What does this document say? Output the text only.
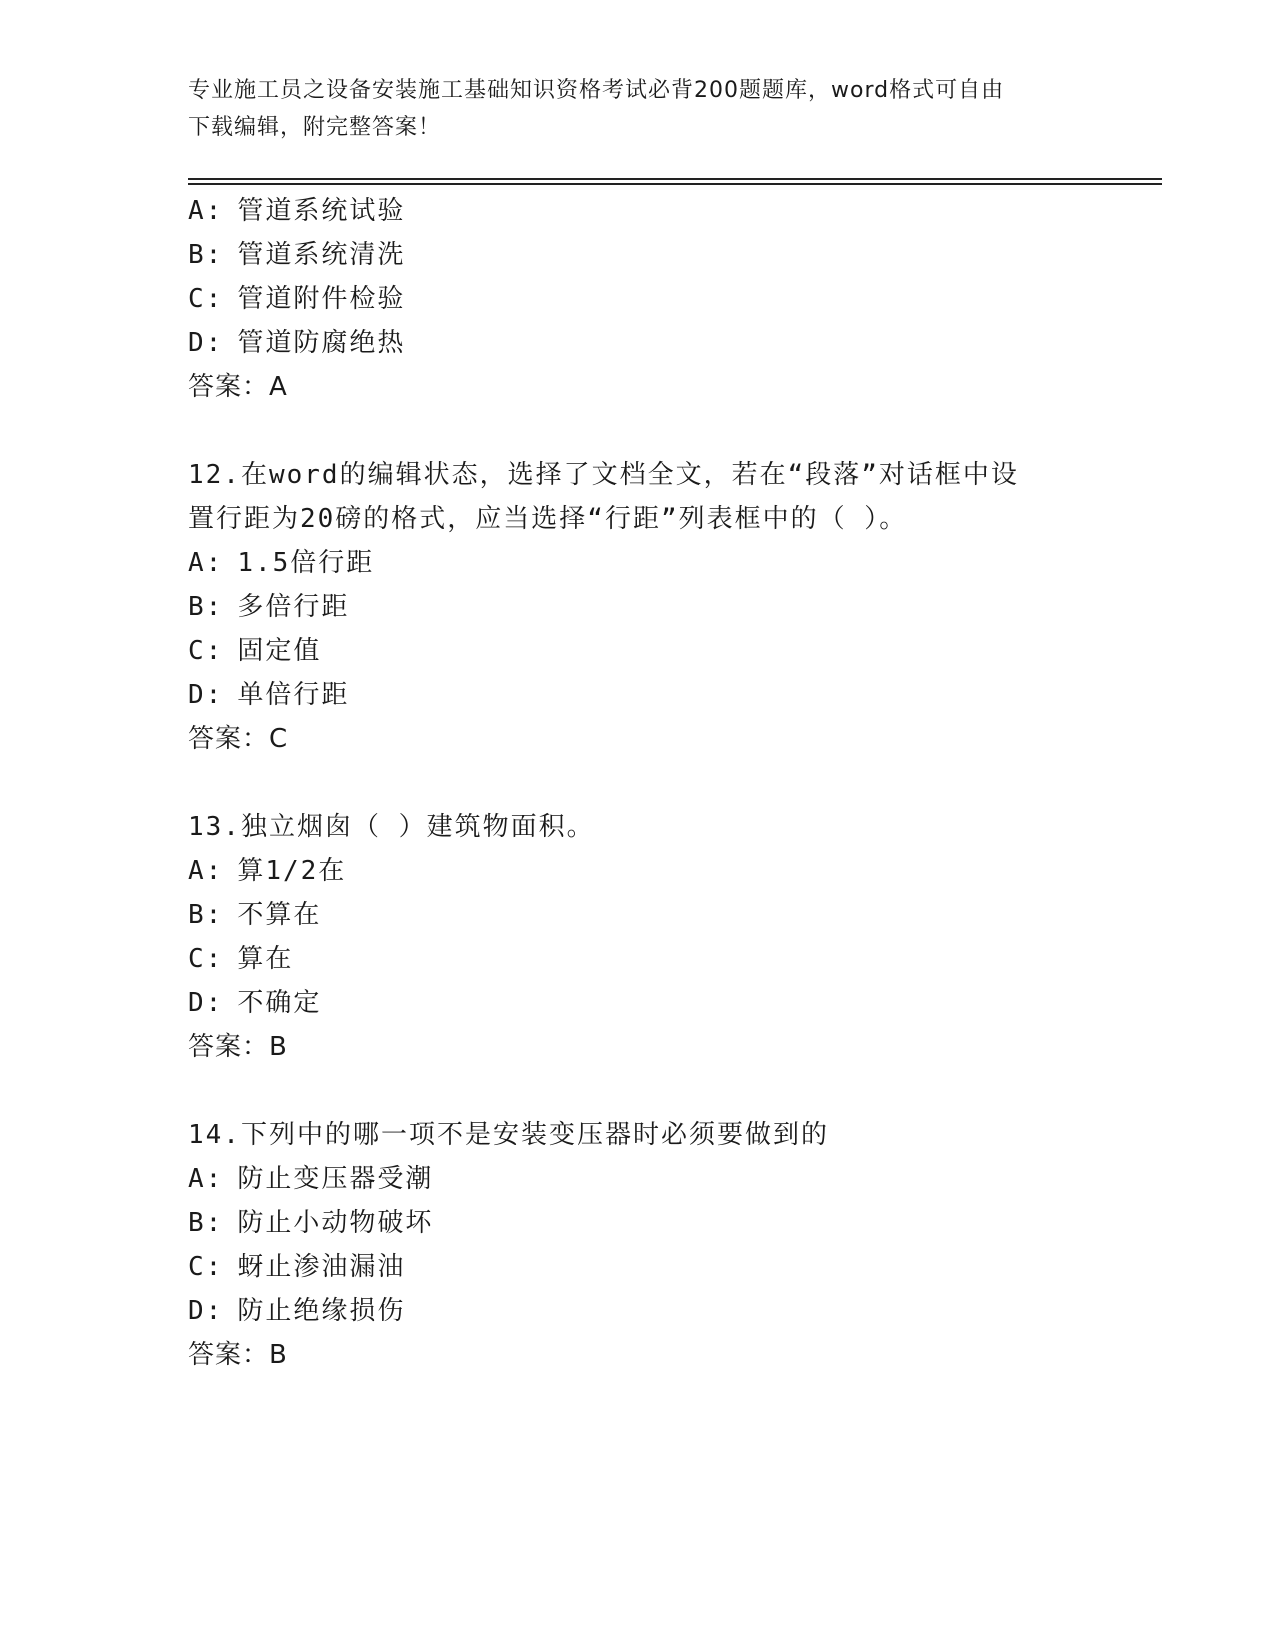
专业施工员之设备安装施工基础知识资格考试必背200题题库，word格式可自由
下载编辑，附完整答案！
A: 管道系统试验
B: 管道系统清洗
C: 管道附件检验
D: 管道防腐绝热
答案：A
12.在word的编辑状态，选择了文档全文，若在“段落”对话框中设
置行距为20磅的格式，应当选择“行距”列表框中的（ ）。
A: 1.5倍行距
B: 多倍行距
C: 固定值
D: 单倍行距
答案：C
13.独立烟囱（ ）建筑物面积。
A: 算1/2在
B: 不算在
C: 算在
D: 不确定
答案：B
14.下列中的哪一项不是安装变压器时必须要做到的
A: 防止变压器受潮
B: 防止小动物破坏
C: 蚜止渗油漏油
D: 防止绝缘损伤
答案：B
